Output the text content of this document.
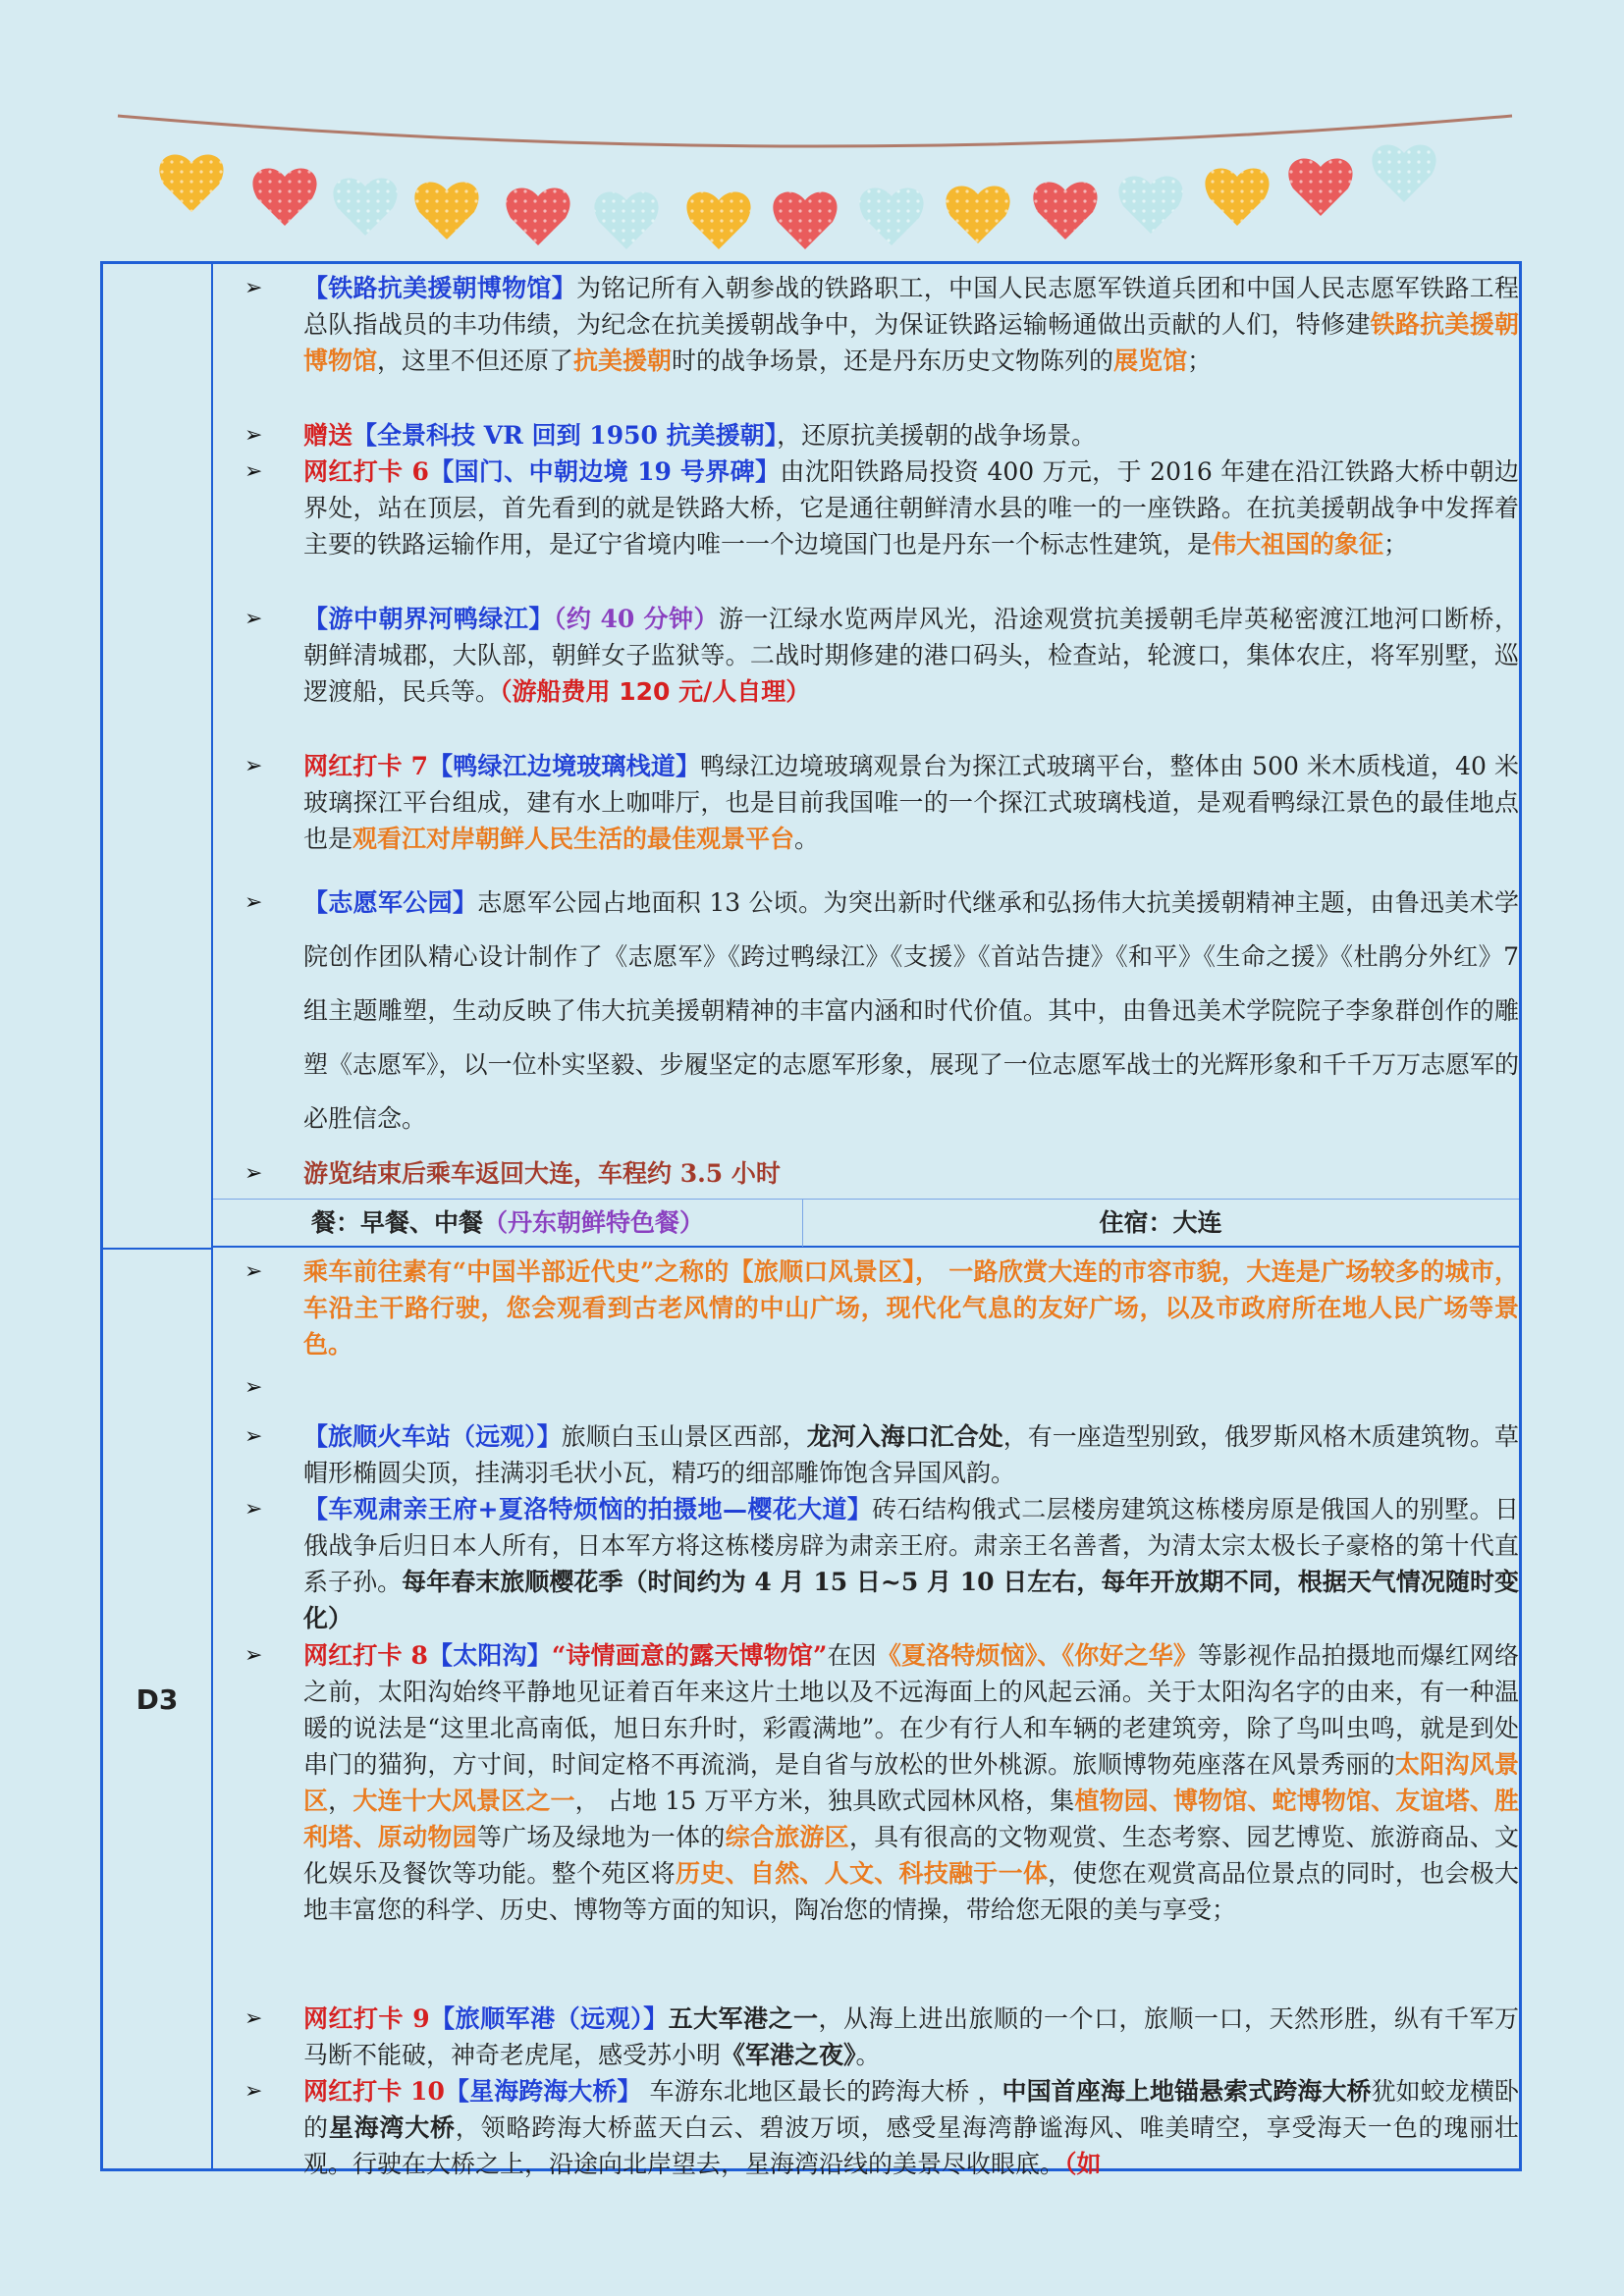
D3
➢ 【铁路抗美援朝博物馆】为铭记所有入朝参战的铁路职工，中国人民志愿军铁道兵团和中国人民志愿军铁路工程总队指战员的丰功伟绩，为纪念在抗美援朝战争中，为保证铁路运输畅通做出贡献的人们，特修建铁路抗美援朝博物馆，这里不但还原了抗美援朝时的战争场景，还是丹东历史文物陈列的展览馆；
➢ 赠送【全景科技 VR 回到 1950 抗美援朝】，还原抗美援朝的战争场景。
➢ 网红打卡 6【国门、中朝边境 19 号界碑】由沈阳铁路局投资 400 万元，于 2016 年建在沿江铁路大桥中朝边界处，站在顶层，首先看到的就是铁路大桥，它是通往朝鲜清水县的唯一的一座铁路。在抗美援朝战争中发挥着主要的铁路运输作用，是辽宁省境内唯一一个边境国门也是丹东一个标志性建筑，是伟大祖国的象征；
➢ 【游中朝界河鸭绿江】（约 40 分钟）游一江绿水览两岸风光，沿途观赏抗美援朝毛岸英秘密渡江地河口断桥，朝鲜清城郡，大队部，朝鲜女子监狱等。二战时期修建的港口码头，检查站，轮渡口，集体农庄，将军别墅，巡逻渡船，民兵等。（游船费用 120 元/人自理）
➢ 网红打卡 7【鸭绿江边境玻璃栈道】鸭绿江边境玻璃观景台为探江式玻璃平台，整体由 500 米木质栈道，40 米玻璃探江平台组成，建有水上咖啡厅，也是目前我国唯一的一个探江式玻璃栈道，是观看鸭绿江景色的最佳地点也是观看江对岸朝鲜人民生活的最佳观景平台。
➢ 【志愿军公园】志愿军公园占地面积 13 公顷。为突出新时代继承和弘扬伟大抗美援朝精神主题，由鲁迅美术学院创作团队精心设计制作了《志愿军》《跨过鸭绿江》《支援》《首站告捷》《和平》《生命之援》《杜鹃分外红》7 组主题雕塑，生动反映了伟大抗美援朝精神的丰富内涵和时代价值。其中，由鲁迅美术学院院子李象群创作的雕塑《志愿军》，以一位朴实坚毅、步履坚定的志愿军形象，展现了一位志愿军战士的光辉形象和千千万万志愿军的必胜信念。
➢ 游览结束后乘车返回大连，车程约 3.5 小时
餐：早餐、中餐（丹东朝鲜特色餐）	住宿：大连
➢ 乘车前往素有“中国半部近代史”之称的【旅顺口风景区】， 一路欣赏大连的市容市貌，大连是广场较多的城市，车沿主干路行驶，您会观看到古老风情的中山广场，现代化气息的友好广场，以及市政府所在地人民广场等景色。
➢
➢ 【旅顺火车站（远观）】旅顺白玉山景区西部，龙河入海口汇合处，有一座造型别致，俄罗斯风格木质建筑物。草帽形椭圆尖顶，挂满羽毛状小瓦，精巧的细部雕饰饱含异国风韵。
➢ 【车观肃亲王府+夏洛特烦恼的拍摄地—樱花大道】砖石结构俄式二层楼房建筑这栋楼房原是俄国人的别墅。日俄战争后归日本人所有，日本军方将这栋楼房辟为肃亲王府。肃亲王名善耆，为清太宗太极长子豪格的第十代直系子孙。每年春末旅顺樱花季（时间约为 4 月 15 日~5 月 10 日左右，每年开放期不同，根据天气情况随时变化）
➢ 网红打卡 8【太阳沟】“诗情画意的露天博物馆”在因《夏洛特烦恼》、《你好之华》等影视作品拍摄地而爆红网络之前，太阳沟始终平静地见证着百年来这片土地以及不远海面上的风起云涌。关于太阳沟名字的由来，有一种温暖的说法是“这里北高南低，旭日东升时，彩霞满地”。在少有行人和车辆的老建筑旁，除了鸟叫虫鸣，就是到处串门的猫狗，方寸间，时间定格不再流淌，是自省与放松的世外桃源。旅顺博物苑座落在风景秀丽的太阳沟风景区，大连十大风景区之一， 占地 15 万平方米，独具欧式园林风格，集植物园、博物馆、蛇博物馆、友谊塔、胜利塔、原动物园等广场及绿地为一体的综合旅游区，具有很高的文物观赏、生态考察、园艺博览、旅游商品、文化娱乐及餐饮等功能。整个苑区将历史、自然、人文、科技融于一体，使您在观赏高品位景点的同时，也会极大地丰富您的科学、历史、博物等方面的知识，陶冶您的情操，带给您无限的美与享受；
➢ 网红打卡 9【旅顺军港（远观）】五大军港之一，从海上进出旅顺的一个口，旅顺一口，天然形胜，纵有千军万马断不能破，神奇老虎尾，感受苏小明《军港之夜》。
➢ 网红打卡 10【星海跨海大桥】 车游东北地区最长的跨海大桥 ，中国首座海上地锚悬索式跨海大桥犹如蛟龙横卧的星海湾大桥，领略跨海大桥蓝天白云、碧波万顷，感受星海湾静谧海风、唯美晴空，享受海天一色的瑰丽壮观。行驶在大桥之上，沿途向北岸望去，星海湾沿线的美景尽收眼底。（如
